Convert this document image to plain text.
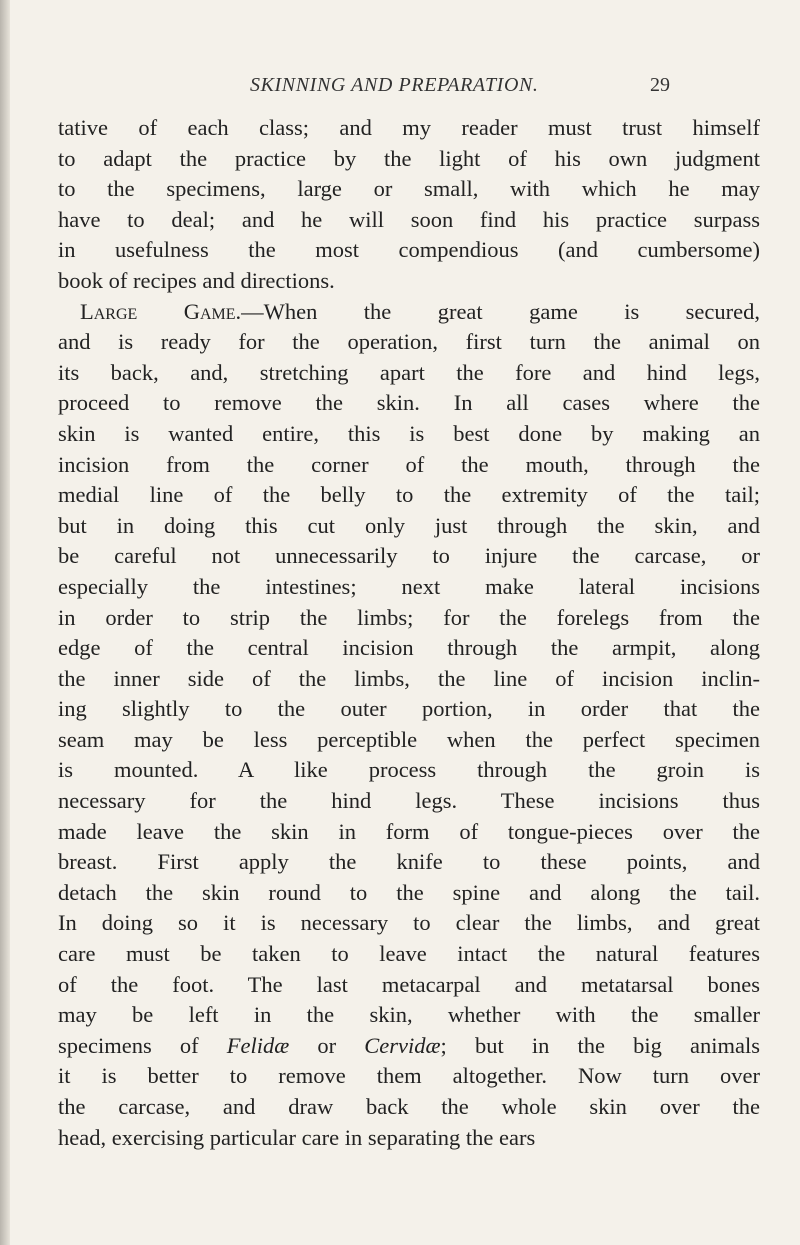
SKINNING AND PREPARATION.	29
tative of each class; and my reader must trust himself
to adapt the practice by the light of his own judgment
to the specimens, large or small, with which he may
have to deal; and he will soon find his practice surpass
in usefulness the most compendious (and cumbersome)
book of recipes and directions.
Large Game.—When the great game is secured,
and is ready for the operation, first turn the animal on
its back, and, stretching apart the fore and hind legs,
proceed to remove the skin. In all cases where the
skin is wanted entire, this is best done by making an
incision from the corner of the mouth, through the
medial line of the belly to the extremity of the tail;
but in doing this cut only just through the skin, and
be careful not unnecessarily to injure the carcase, or
especially the intestines; next make lateral incisions
in order to strip the limbs; for the forelegs from the
edge of the central incision through the armpit, along
the inner side of the limbs, the line of incision inclin-
ing slightly to the outer portion, in order that the
seam may be less perceptible when the perfect specimen
is mounted. A like process through the groin is
necessary for the hind legs. These incisions thus
made leave the skin in form of tongue-pieces over the
breast. First apply the knife to these points, and
detach the skin round to the spine and along the tail.
In doing so it is necessary to clear the limbs, and great
care must be taken to leave intact the natural features
of the foot. The last metacarpal and metatarsal bones
may be left in the skin, whether with the smaller
specimens of Felidæ or Cervidæ; but in the big animals
it is better to remove them altogether. Now turn over
the carcase, and draw back the whole skin over the
head, exercising particular care in separating the ears
